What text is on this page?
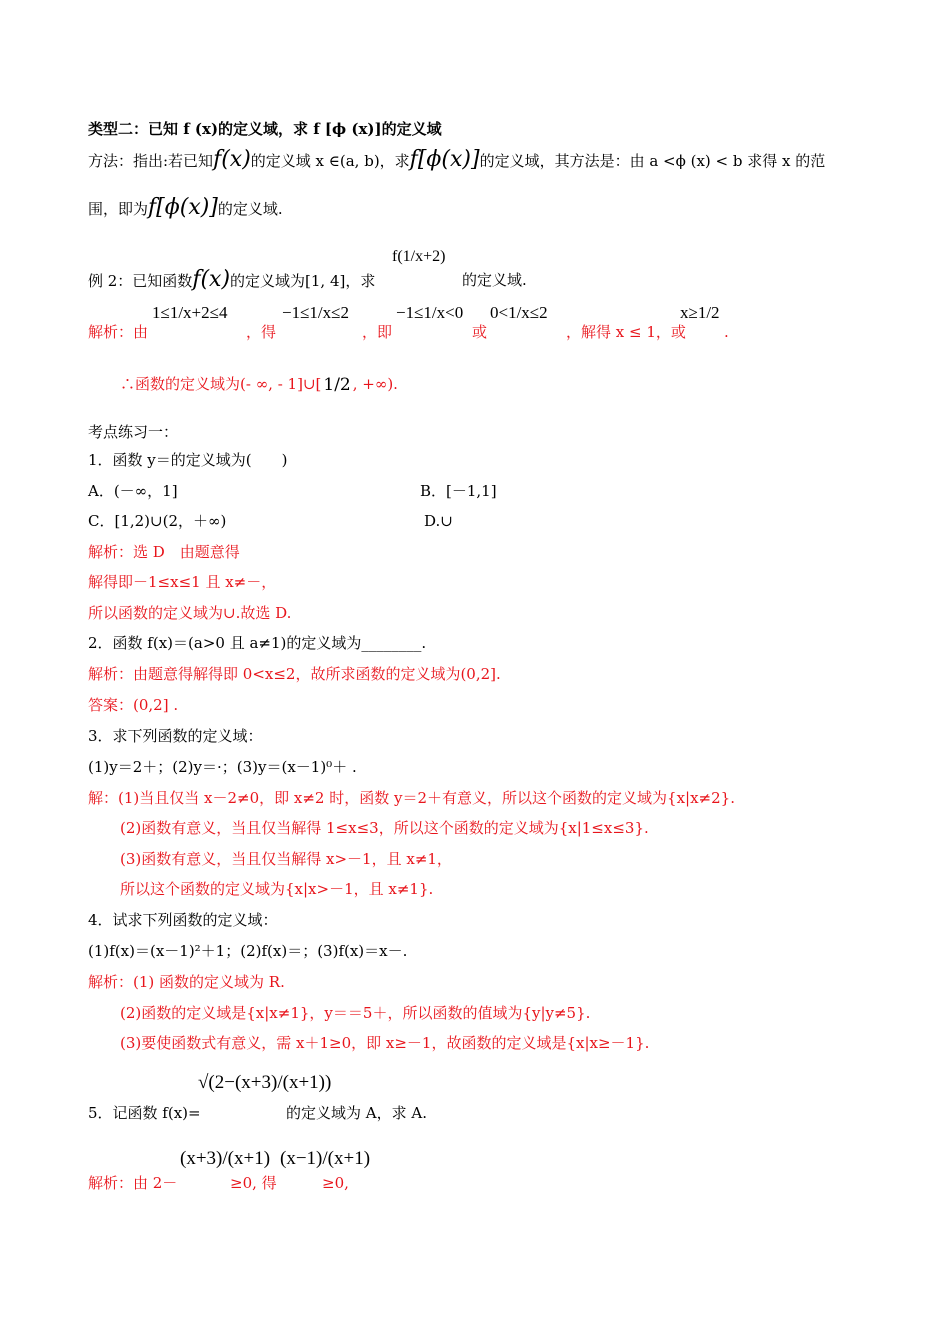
类型二：已知 f (x)的定义域，求 f [ϕ (x)]的定义域
方法：指出:若已知f(x)的定义域 x ∈(a, b)，求f[ϕ(x)]的定义域，其方法是：由 a <ϕ (x) < b 求得 x 的范
围，即为f[ϕ(x)]的定义域.
例 2：已知函数f(x)的定义域为[1, 4]，求
f(1/x+2)
的定义域.
解析：由
1≤1/x+2≤4
，得
−1≤1/x≤2
，即
−1≤1/x<0
或
0<1/x≤2
，解得 x ≤ 1，或
x≥1/2
.
∴函数的定义域为(- ∞, - 1]∪[ 1/2 , +∞).
考点练习一：
1．函数 y＝的定义域为(　　)
A．(－∞，1]	B．[－1,1]
C．[1,2)∪(2，＋∞)	D.∪
解析：选 D　由题意得
解得即－1≤x≤1 且 x≠－，
所以函数的定义域为∪.故选 D.
2．函数 f(x)＝(a>0 且 a≠1)的定义域为________.
解析：由题意得解得即 0<x≤2，故所求函数的定义域为(0,2].
答案：(0,2] .
3．求下列函数的定义域：
(1)y＝2＋；(2)y＝·；(3)y＝(x－1)⁰＋ .
解：(1)当且仅当 x－2≠0，即 x≠2 时，函数 y＝2＋有意义，所以这个函数的定义域为{x|x≠2}.
(2)函数有意义，当且仅当解得 1≤x≤3，所以这个函数的定义域为{x|1≤x≤3}.
(3)函数有意义，当且仅当解得 x>－1，且 x≠1，
所以这个函数的定义域为{x|x>－1，且 x≠1}.
4．试求下列函数的定义域：
(1)f(x)＝(x－1)²＋1；(2)f(x)＝；(3)f(x)＝x－.
解析：(1) 函数的定义域为 R.
(2)函数的定义域是{x|x≠1}，y＝＝5＋，所以函数的值域为{y|y≠5}.
(3)要使函数式有意义，需 x＋1≥0，即 x≥－1，故函数的定义域是{x|x≥－1}.
5．记函数 f(x)=
√(2−(x+3)/(x+1))
的定义域为 A，求 A.
解析：由 2－
(x+3)/(x+1)
≥0, 得
(x−1)/(x+1)
≥0,
